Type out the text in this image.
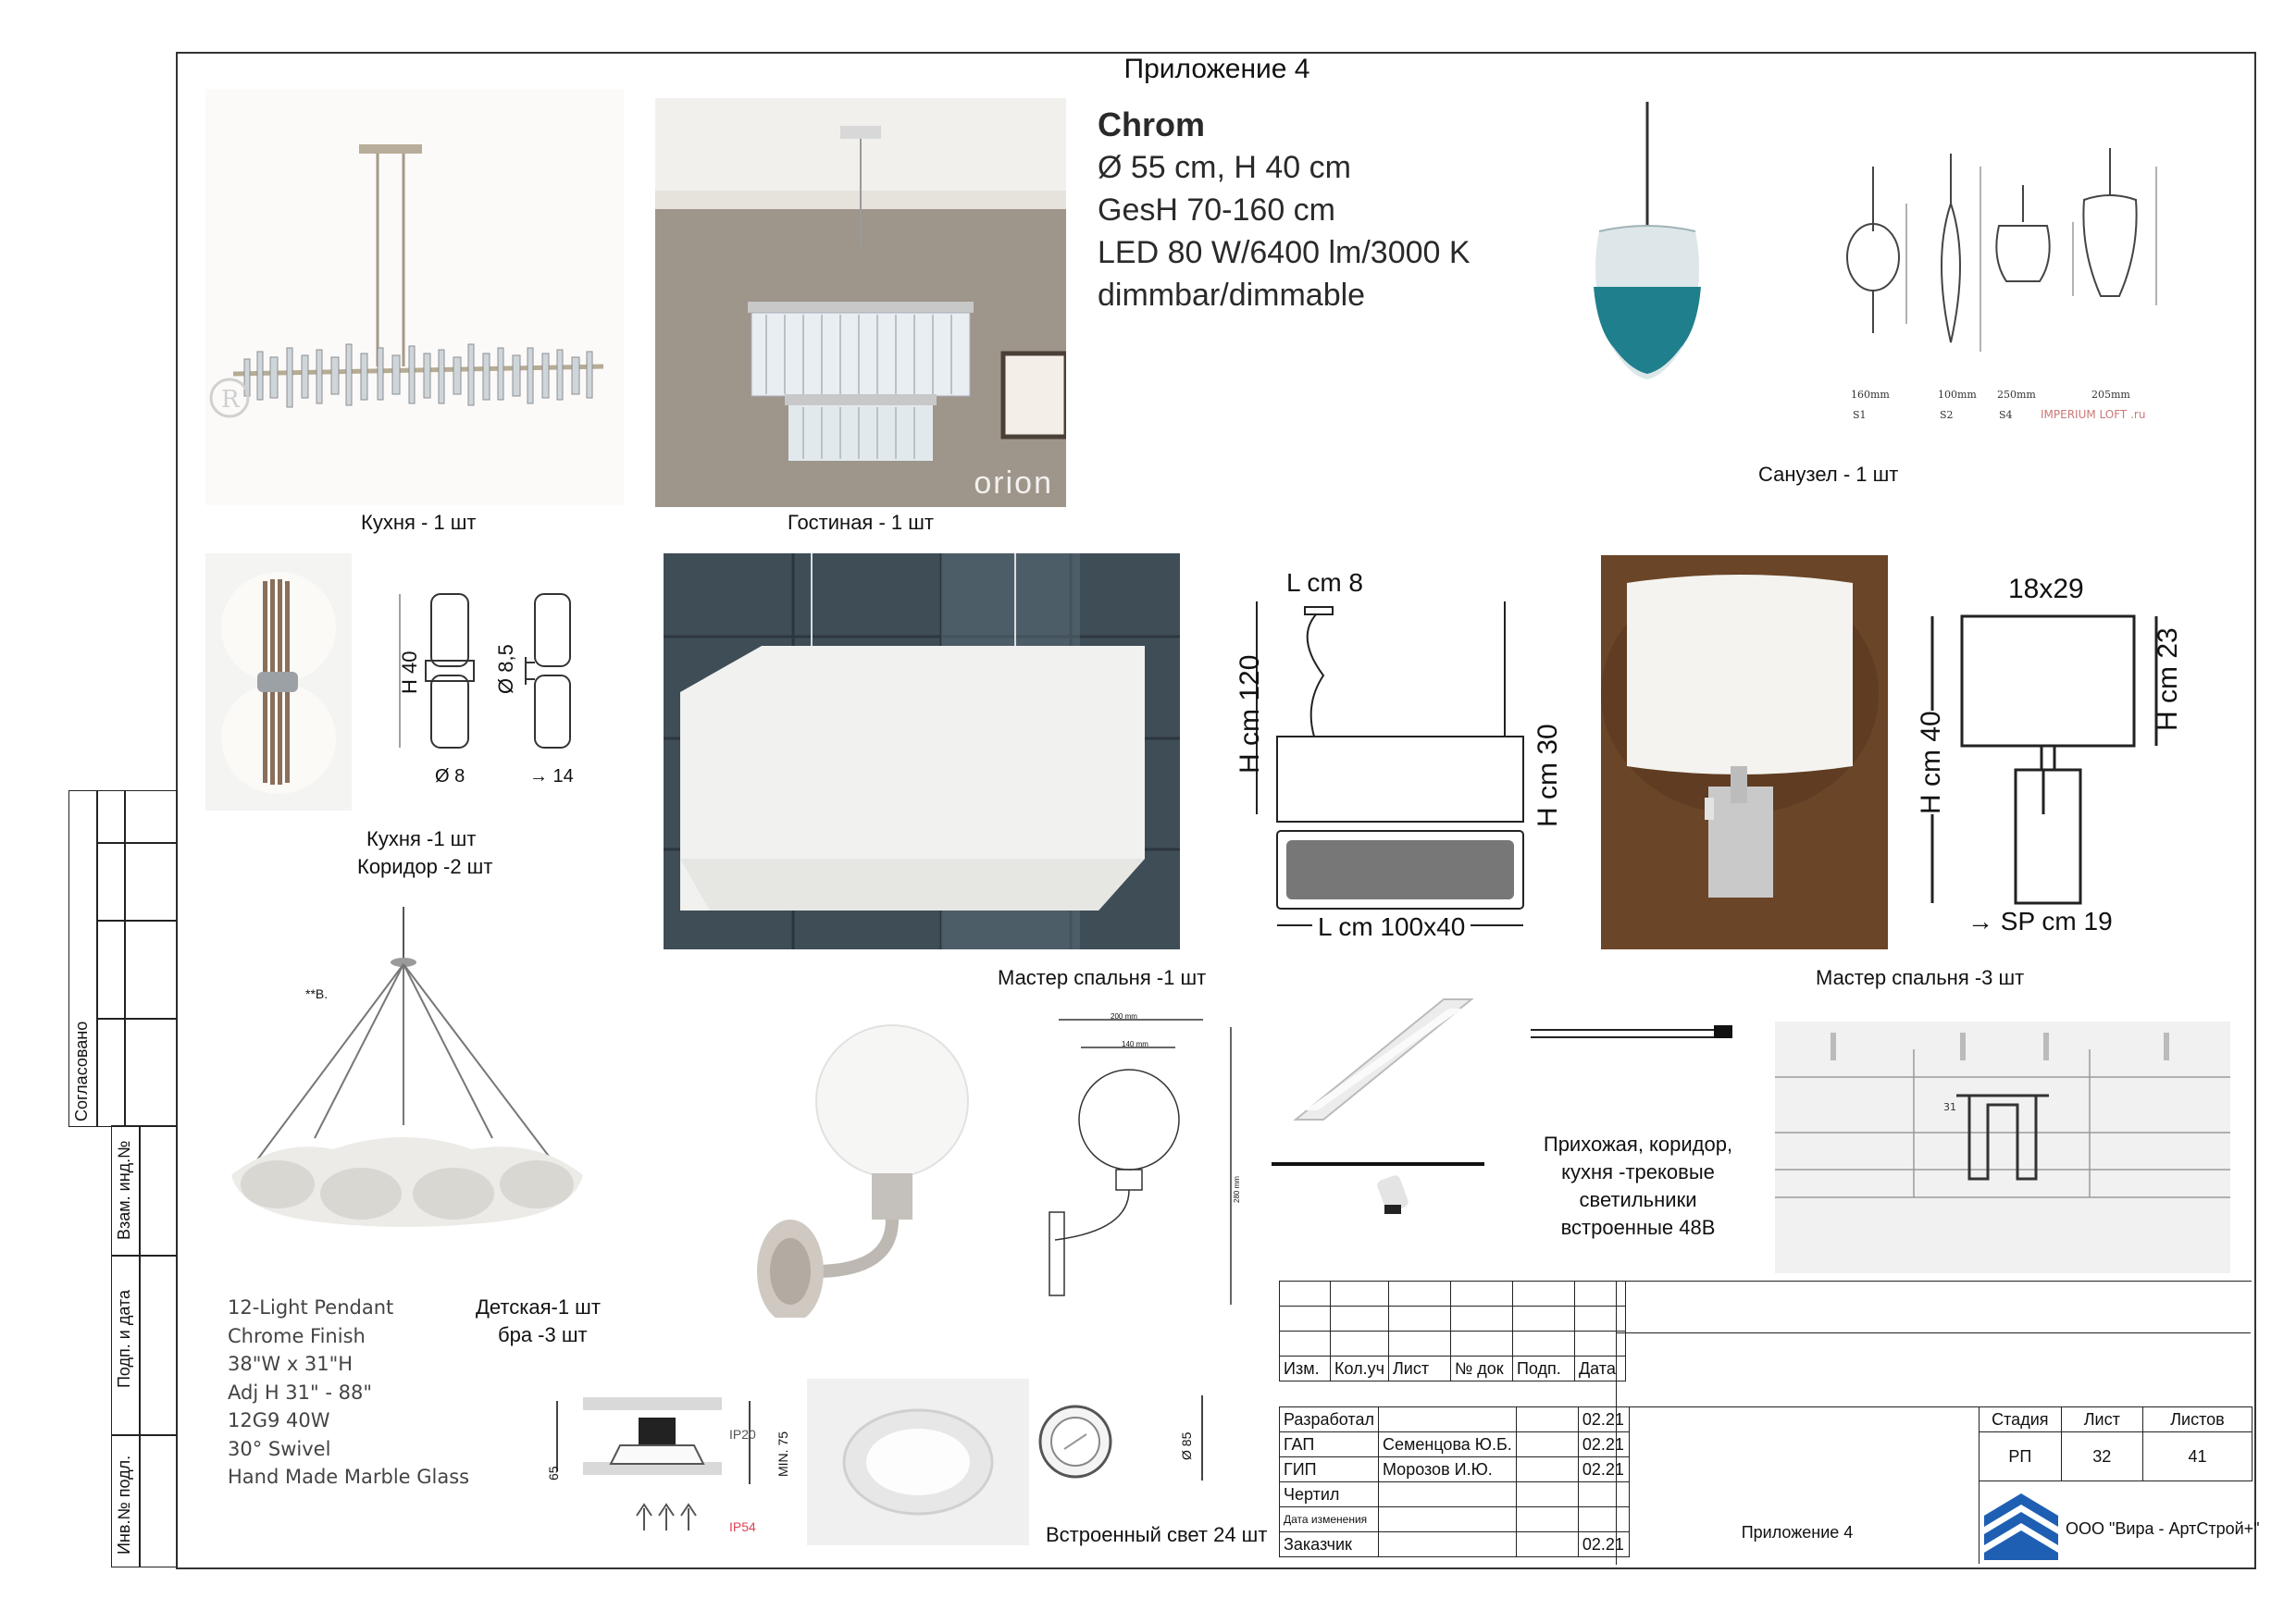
Приложение 4
R
Кухня - 1 шт
orion
Гостиная - 1 шт
Chrom
Ø 55 cm, H 40 cm
GesH 70-160 cm
LED 80 W/6400 lm/3000 K
dimmbar/dimmable
160mm	100mm 250mm	205mm
S1	S2	S4	IMPERIUM LOFT .ru
Санузел - 1 шт
H 40	Ø 8,5
Ø 8	→ 14
Кухня -1 шт
Коридор -2 шт
Мастер спальня -1 шт
L cm 8
H cm 120
H cm 30
L cm 100x40
18x29
H cm 23
H cm 40
→ SP cm 19
Мастер спальня -3 шт
**B.
12-Light Pendant
Chrome Finish
38"W x 31"H
Adj H 31" - 88"
12G9 40W
30° Swivel
Hand Made Marble Glass
Детская-1 шт
бра -3 шт
200 mm
140 mm
280 mm
Прихожая, коридор,
кухня -трековые
светильники
встроенные 48В
31
IP20
IP54
65	MIN. 75	Ø 85
Встроенный свет 24 шт
Согласовано
Взам. инд.№
Подп. и дата
Инв.№ подл.

Изм.	Кол.уч	Лист	№ док	Подп.	Дата
Разработал			02.21
ГАП	Семенцова Ю.Б.		02.21
ГИП	Морозов И.Ю.		02.21
Чертил			
Дата изменения			
Заказчик			02.21
Приложение 4
Стадия	Лист	Листов
РП	32	41
ООО "Вира - АртСтрой+"
